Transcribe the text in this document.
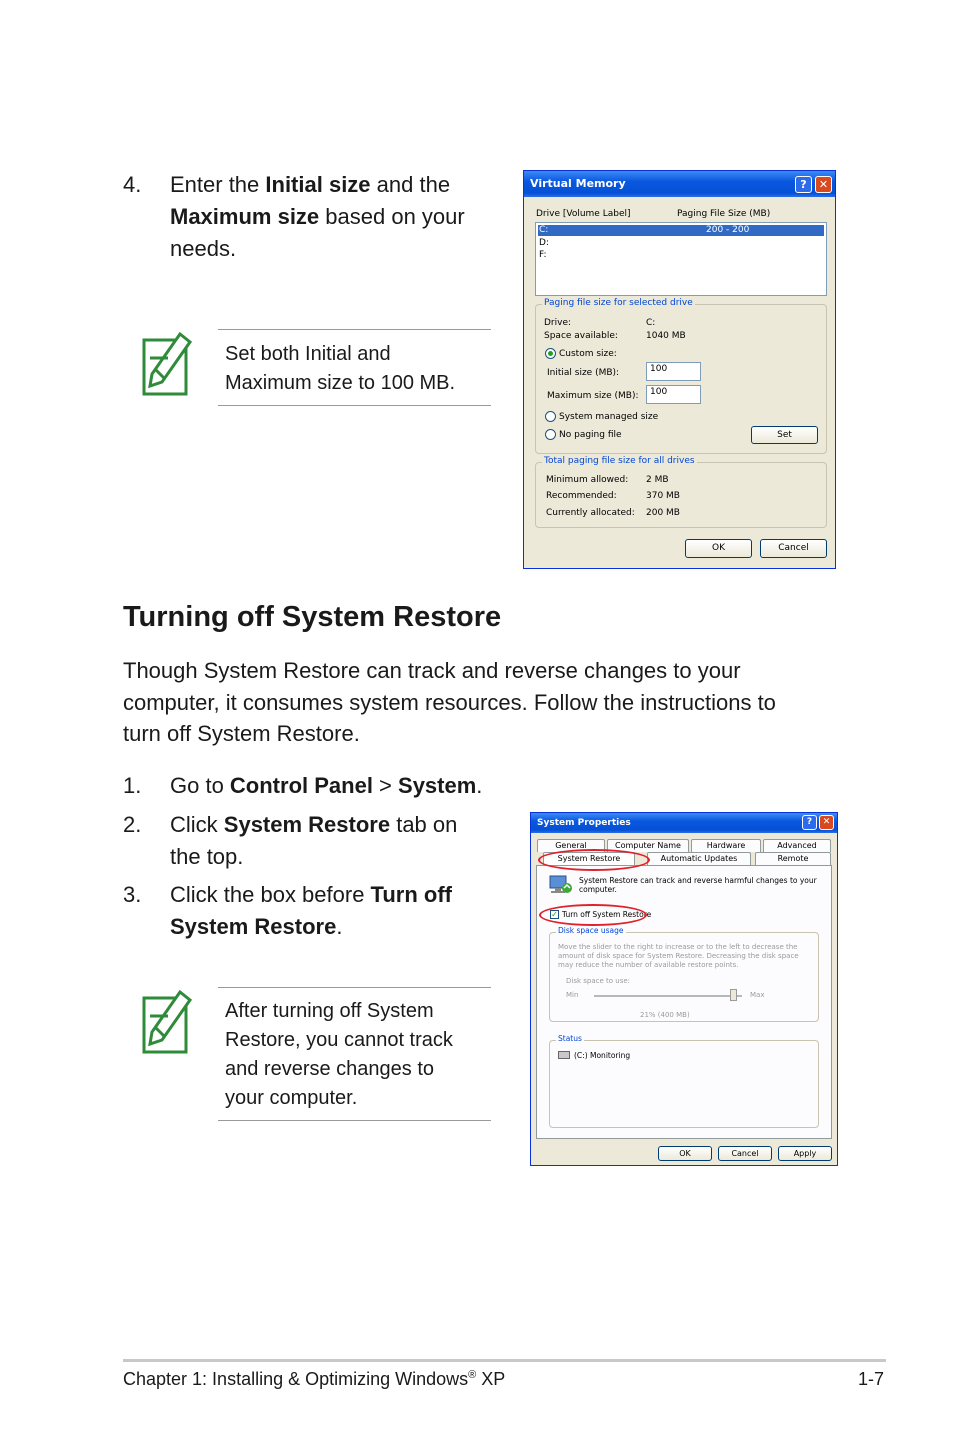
4. Enter the Initial size and the
Maximum size based on your
needs.
Set both Initial and
Maximum size to 100 MB.
Virtual Memory	?	✕
Drive [Volume Label]	Paging File Size (MB)
C:	200 - 200
D:
F:
Paging file size for selected drive
Drive:	C:
Space available:	1040 MB
Custom size:
Initial size (MB):	100
Maximum size (MB):	100
System managed size
No paging file	Set
Total paging file size for all drives
Minimum allowed: 2 MB
Recommended:	370 MB
Currently allocated: 200 MB
OK	Cancel
Turning off System Restore
Though System Restore can track and reverse changes to your
computer, it consumes system resources. Follow the instructions to
turn off System Restore.
1. Go to Control Panel > System.
2. Click System Restore tab on
the top.
3. Click the box before Turn off
System Restore.
After turning off System
Restore, you cannot track
and reverse changes to
your computer.
System Properties	?	✕
General	Computer Name	Hardware	Advanced
System Restore	Automatic Updates	Remote
System Restore can track and reverse harmful changes to your
computer.
✓ Turn off System Restore
Disk space usage
Move the slider to the right to increase or to the left to decrease the
amount of disk space for System Restore. Decreasing the disk space
may reduce the number of available restore points.
Disk space to use:
Min	Max
21% (400 MB)
Status
(C:) Monitoring
OK	Cancel	Apply
Chapter 1: Installing & Optimizing Windows® XP	1-7
